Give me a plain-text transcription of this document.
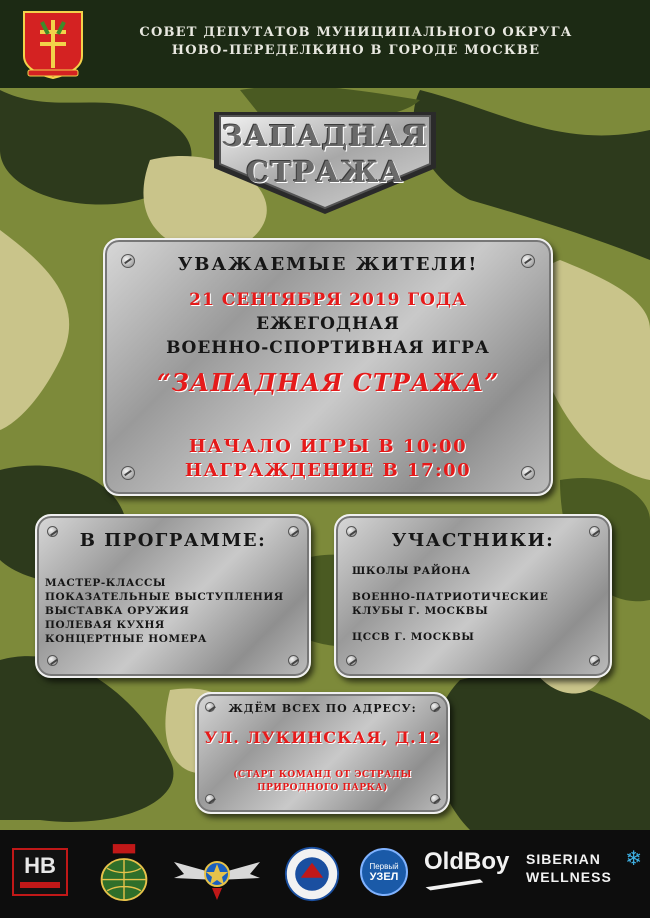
СОВЕТ ДЕПУТАТОВ МУНИЦИПАЛЬНОГО ОКРУГА
НОВО-ПЕРЕДЕЛКИНО В ГОРОДЕ МОСКВЕ
ЗАПАДНАЯ
СТРАЖА
УВАЖАЕМЫЕ ЖИТЕЛИ!
21 СЕНТЯБРЯ 2019 ГОДА
ЕЖЕГОДНАЯ
ВОЕННО-СПОРТИВНАЯ ИГРА
“ЗАПАДНАЯ СТРАЖА”
НАЧАЛО ИГРЫ В 10:00
НАГРАЖДЕНИЕ В 17:00
В ПРОГРАММЕ:
МАСТЕР-КЛАССЫ
ПОКАЗАТЕЛЬНЫЕ ВЫСТУПЛЕНИЯ
ВЫСТАВКА ОРУЖИЯ
ПОЛЕВАЯ КУХНЯ
КОНЦЕРТНЫЕ НОМЕРА
УЧАСТНИКИ:
ШКОЛЫ РАЙОНА
ВОЕННО-ПАТРИОТИЧЕСКИЕ
КЛУБЫ Г. МОСКВЫ
ЦССВ Г. МОСКВЫ
ЖДЁМ ВСЕХ ПО АДРЕСУ:
УЛ. ЛУКИНСКАЯ, Д.12
(СТАРТ КОМАНД ОТ ЭСТРАДЫ
ПРИРОДНОГО ПАРКА)
НВ	Первый
УЗЕЛ
OldBoy	SIBERIAN
WELLNESS
❄
